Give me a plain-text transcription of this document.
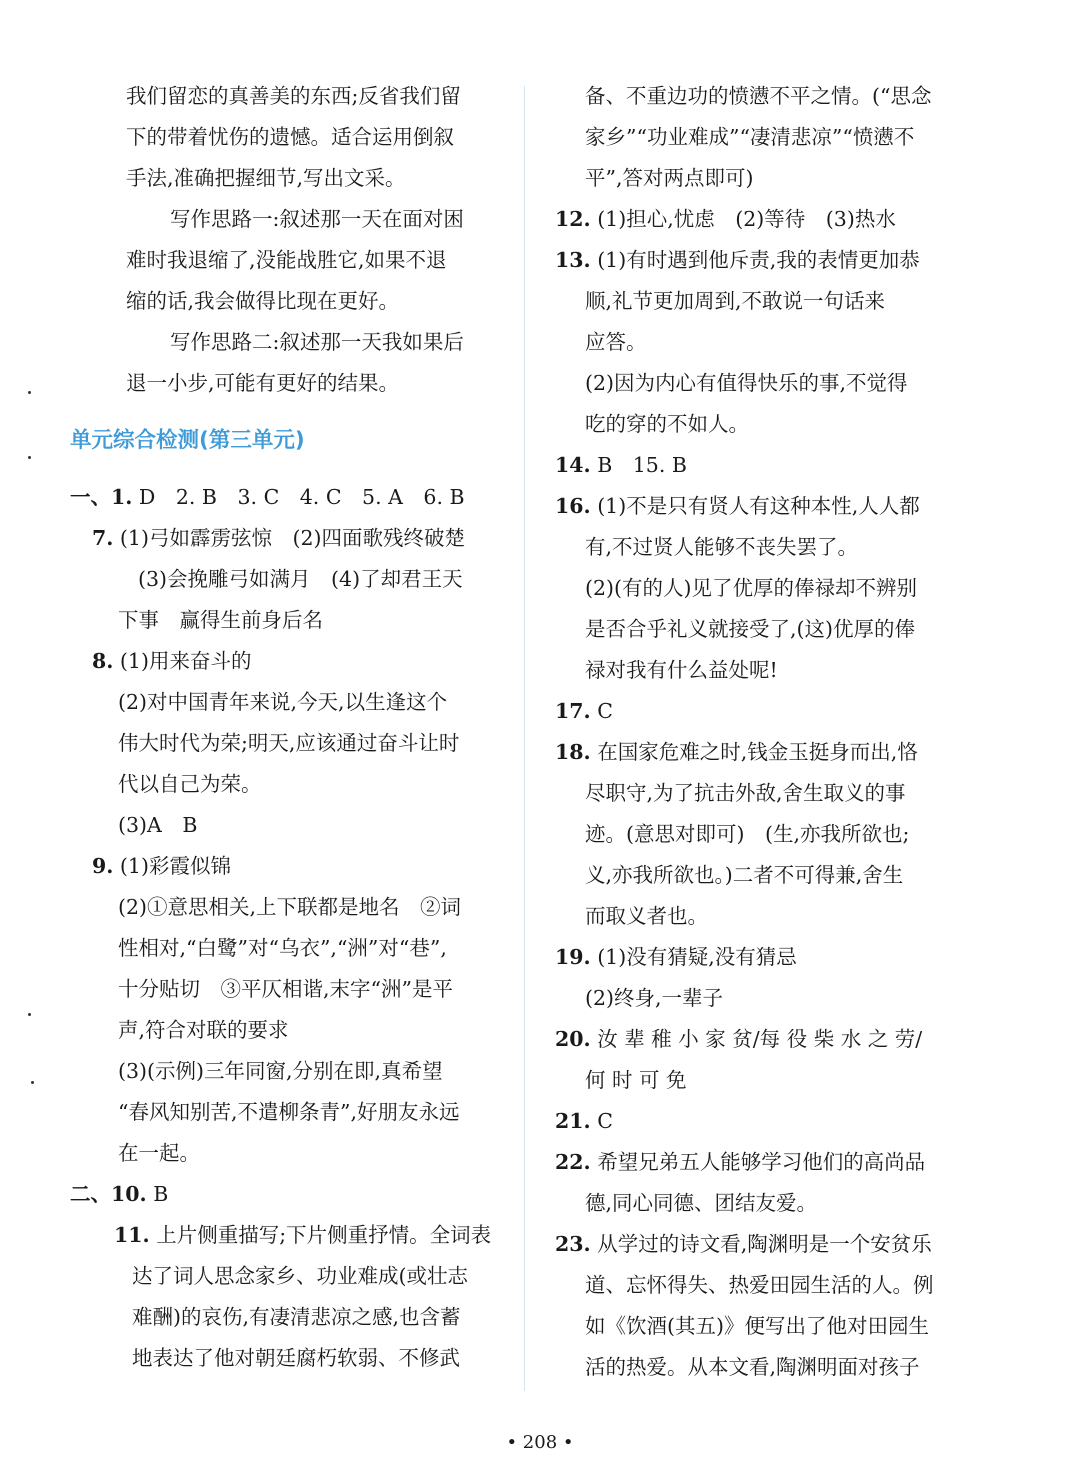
我们留恋的真善美的东西;反省我们留
下的带着忧伤的遗憾。适合运用倒叙
手法,准确把握细节,写出文采。
写作思路一:叙述那一天在面对困
难时我退缩了,没能战胜它,如果不退
缩的话,我会做得比现在更好。
写作思路二:叙述那一天我如果后
退一小步,可能有更好的结果。
单元综合检测(第三单元)
一、1. D　2. B　3. C　4. C　5. A　6. B
7. (1)弓如霹雳弦惊　(2)四面歌残终破楚
(3)会挽雕弓如满月　(4)了却君王天
下事　赢得生前身后名
8. (1)用来奋斗的
(2)对中国青年来说,今天,以生逢这个
伟大时代为荣;明天,应该通过奋斗让时
代以自己为荣。
(3)A　B
9. (1)彩霞似锦
(2)①意思相关,上下联都是地名　②词
性相对,“白鹭”对“乌衣”,“洲”对“巷”,
十分贴切　③平仄相谐,末字“洲”是平
声,符合对联的要求
(3)(示例)三年同窗,分别在即,真希望
“春风知别苦,不遣柳条青”,好朋友永远
在一起。
二、10. B
11. 上片侧重描写;下片侧重抒情。全词表
达了词人思念家乡、功业难成(或壮志
难酬)的哀伤,有凄清悲凉之感,也含蓄
地表达了他对朝廷腐朽软弱、不修武
备、不重边功的愤懑不平之情。(“思念
家乡”“功业难成”“凄清悲凉”“愤懑不
平”,答对两点即可)
12. (1)担心,忧虑　(2)等待　(3)热水
13. (1)有时遇到他斥责,我的表情更加恭
顺,礼节更加周到,不敢说一句话来
应答。
(2)因为内心有值得快乐的事,不觉得
吃的穿的不如人。
14. B　15. B
16. (1)不是只有贤人有这种本性,人人都
有,不过贤人能够不丧失罢了。
(2)(有的人)见了优厚的俸禄却不辨别
是否合乎礼义就接受了,(这)优厚的俸
禄对我有什么益处呢!
17. C
18. 在国家危难之时,钱金玉挺身而出,恪
尽职守,为了抗击外敌,舍生取义的事
迹。(意思对即可)　(生,亦我所欲也;
义,亦我所欲也。)二者不可得兼,舍生
而取义者也。
19. (1)没有猜疑,没有猜忌
(2)终身,一辈子
20. 汝 辈 稚 小 家 贫/每 役 柴 水 之 劳/
何 时 可 免
21. C
22. 希望兄弟五人能够学习他们的高尚品
德,同心同德、团结友爱。
23. 从学过的诗文看,陶渊明是一个安贫乐
道、忘怀得失、热爱田园生活的人。例
如《饮酒(其五)》便写出了他对田园生
活的热爱。从本文看,陶渊明面对孩子
• 208 •
